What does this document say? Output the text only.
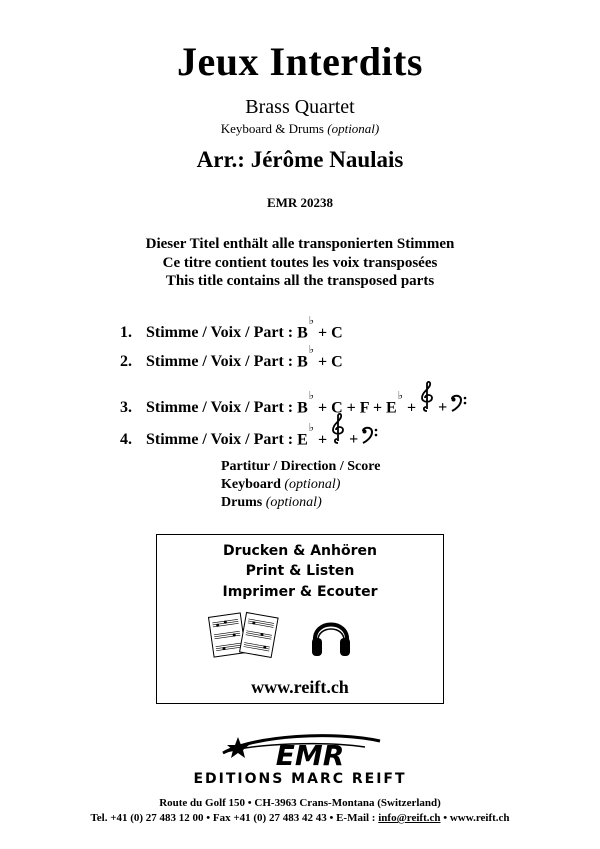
Jeux Interdits
Brass Quartet
Keyboard & Drums (optional)
Arr.: Jérôme Naulais
EMR 20238
Dieser Titel enthält alle transponierten Stimmen
Ce titre contient toutes les voix transposées
This title contains all the transposed parts
1. Stimme / Voix / Part : B♭ + C
2. Stimme / Voix / Part : B♭ + C
3. Stimme / Voix / Part : B♭ + C + F + E♭ + +
4. Stimme / Voix / Part : E♭ + +
Partitur / Direction / Score
Keyboard (optional)
Drums (optional)
Drucken & Anhören
Print & Listen
Imprimer & Ecouter
www.reift.ch
EMR
EDITIONS MARC REIFT
Route du Golf 150 • CH-3963 Crans-Montana (Switzerland)
Tel. +41 (0) 27 483 12 00 • Fax +41 (0) 27 483 42 43 • E-Mail : info@reift.ch • www.reift.ch
